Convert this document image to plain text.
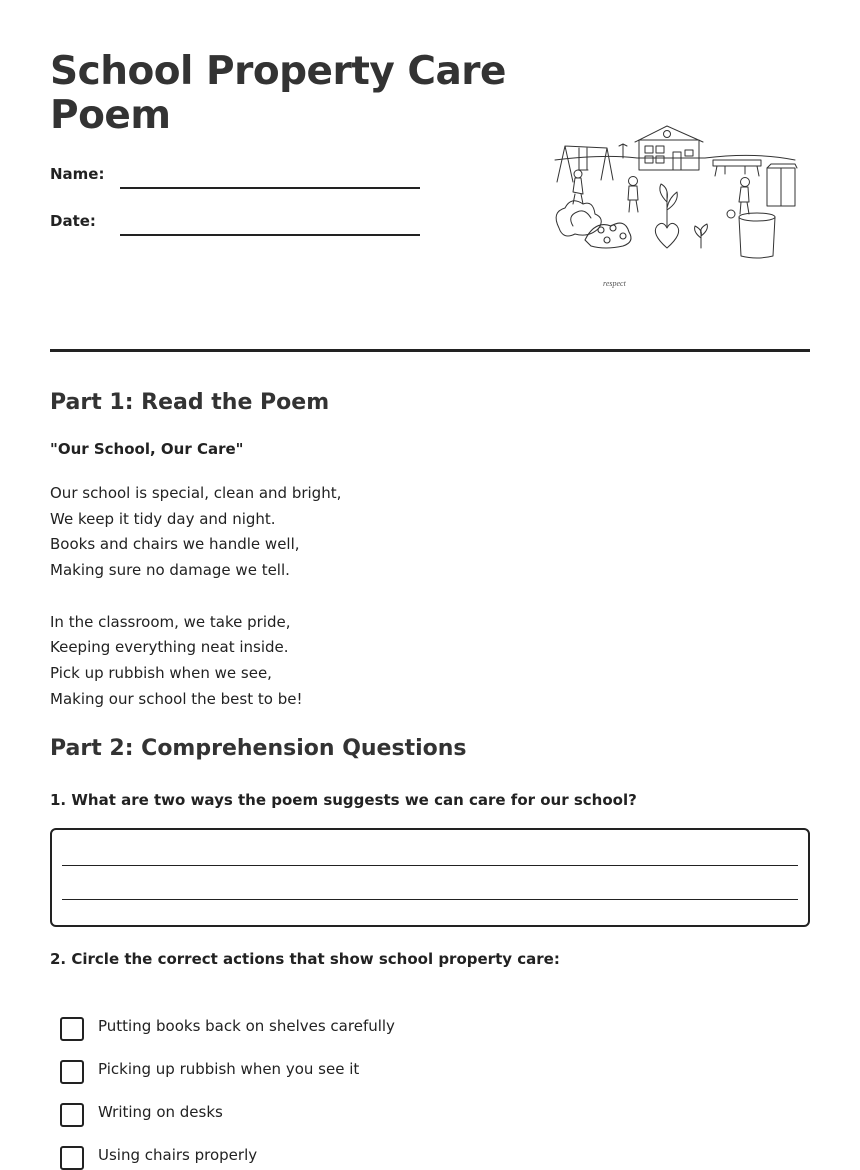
School Property Care Poem
Name:
Date:
respect
Part 1: Read the Poem
"Our School, Our Care"
Our school is special, clean and bright,
We keep it tidy day and night.
Books and chairs we handle well,
Making sure no damage we tell.
In the classroom, we take pride,
Keeping everything neat inside.
Pick up rubbish when we see,
Making our school the best to be!
Part 2: Comprehension Questions
1. What are two ways the poem suggests we can care for our school?
2. Circle the correct actions that show school property care:
Putting books back on shelves carefully
Picking up rubbish when you see it
Writing on desks
Using chairs properly
